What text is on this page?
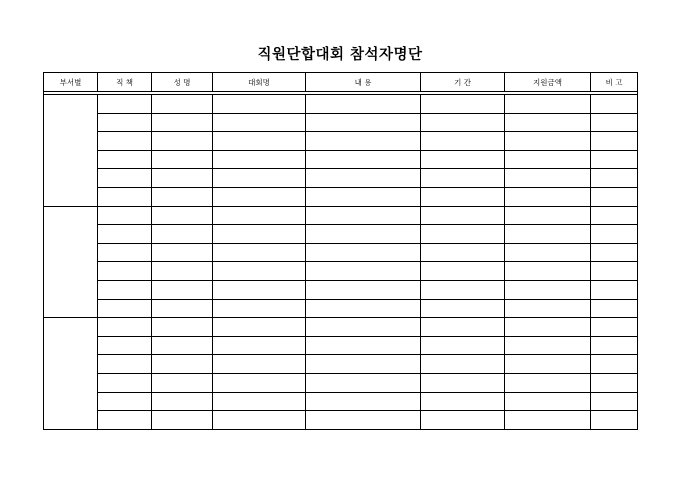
직원단합대회 참석자명단
부서별	직 책	성 명	대회명	내 용	기 간	지원금액	비 고
